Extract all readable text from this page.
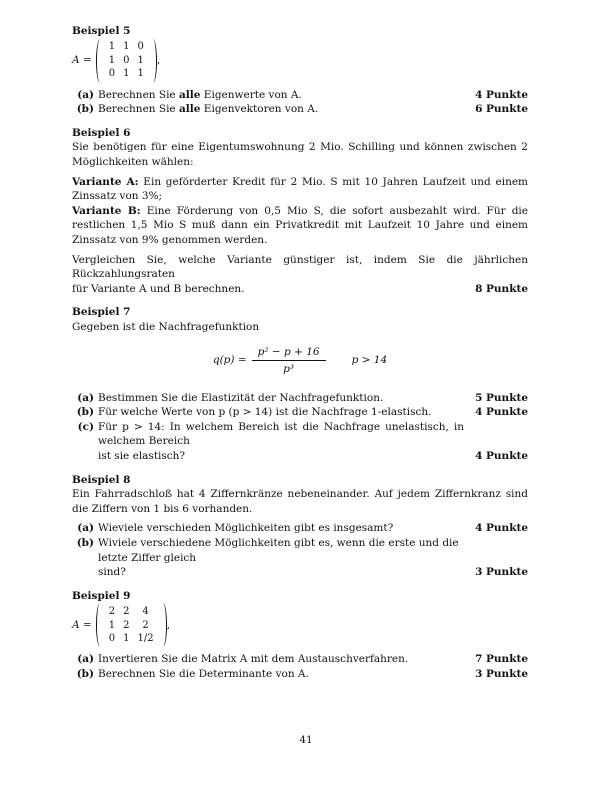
Beispiel 5

A =
1	1	0
1	0	1
0	1	1
,
(a) Berechnen Sie alle Eigenwerte von A.	4 Punkte
(b) Berechnen Sie alle Eigenvektoren von A.	6 Punkte

Beispiel 6

Sie benötigen für eine Eigentumswohnung 2 Mio. Schilling und können zwischen 2 Möglichkeiten wählen:

Variante A: Ein geförderter Kredit für 2 Mio. S mit 10 Jahren Laufzeit und einem Zinssatz von 3%;

Variante B: Eine Förderung von 0,5 Mio S, die sofort ausbezahlt wird. Für die restlichen 1,5 Mio S muß dann ein Privatkredit mit Laufzeit 10 Jahre und einem Zinssatz von 9% genommen werden.

Vergleichen Sie, welche Variante günstiger ist, indem Sie die jährlichen Rückzahlungsraten

für Variante A und B berechnen.	8 Punkte

Beispiel 7

Gegeben ist die Nachfragefunktion

$q(p) = \frac{\text{p² − p + 16}}{\text{p³}}$ p > 14
(a) Bestimmen Sie die Elastizität der Nachfragefunktion.	5 Punkte
(b) Für welche Werte von p (p > 14) ist die Nachfrage 1-elastisch.	4 Punkte
(c) Für p > 14: In welchem Bereich ist die Nachfrage unelastisch, in welchem Bereich
ist sie elastisch?	4 Punkte

Beispiel 8

Ein Fahrradschloß hat 4 Ziffernkränze nebeneinander. Auf jedem Ziffernkranz sind die Ziffern von 1 bis 6 vorhanden.

(a) Wieviele verschieden Möglichkeiten gibt es insgesamt?	4 Punkte
(b) Wiviele verschiedene Möglichkeiten gibt es, wenn die erste und die letzte Ziffer gleich
sind?	3 Punkte

Beispiel 9

A =
2	2	4
1	2	2
0	1	1/2
,
(a) Invertieren Sie die Matrix A mit dem Austauschverfahren.	7 Punkte
(b) Berechnen Sie die Determinante von A.	3 Punkte
41
